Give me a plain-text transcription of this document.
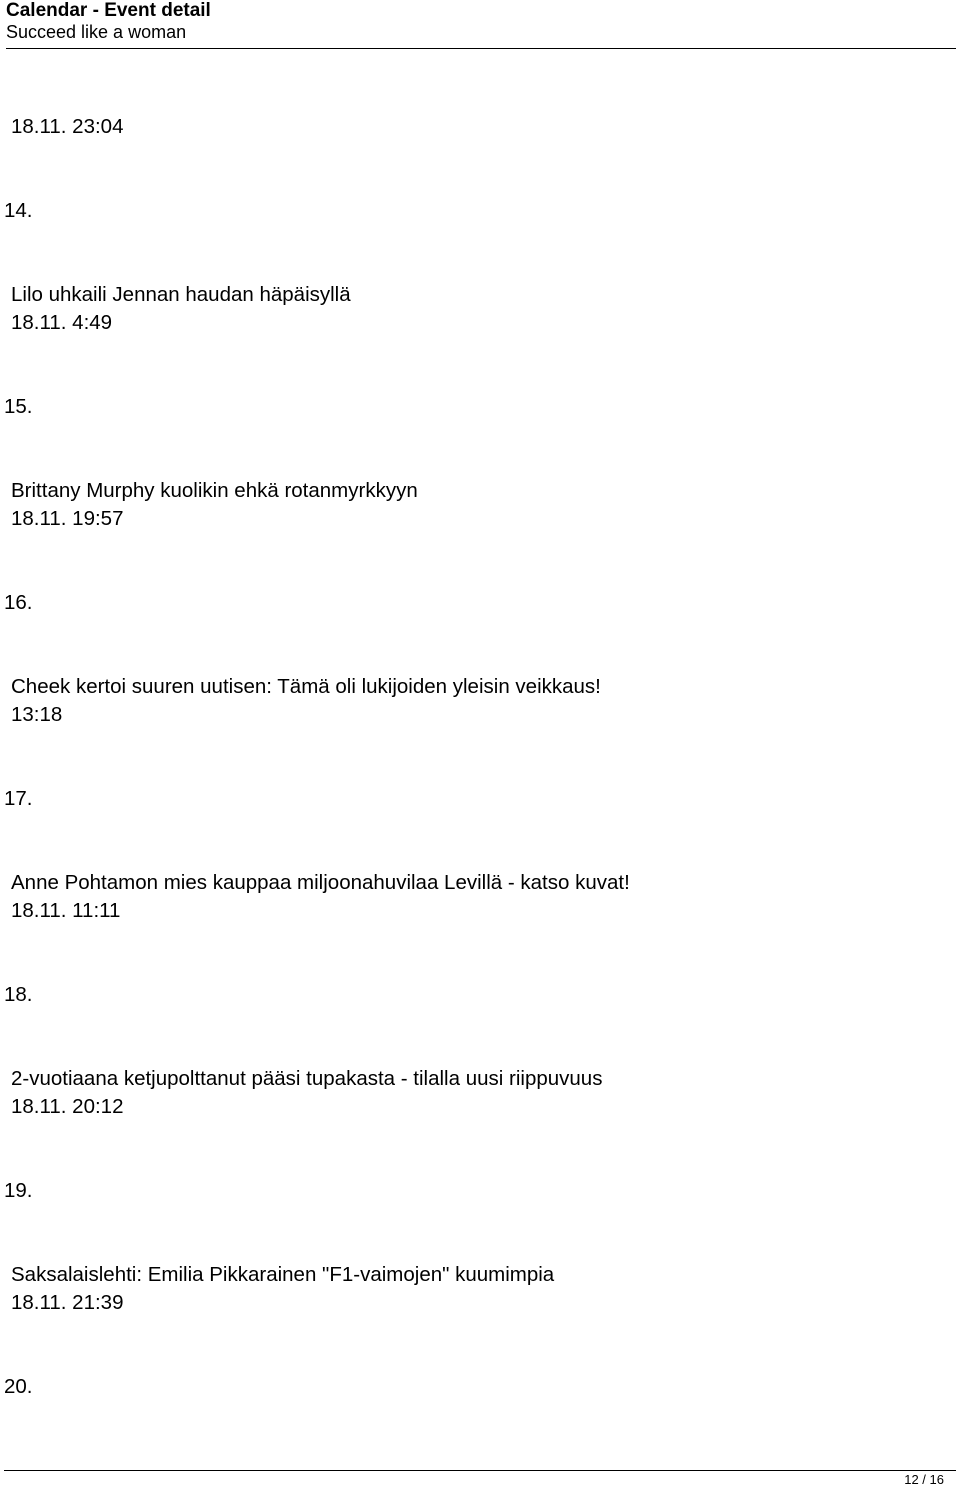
Calendar - Event detail
Succeed like a woman
18.11. 23:04
14.
Lilo uhkaili Jennan haudan häpäisyllä
18.11. 4:49
15.
Brittany Murphy kuolikin ehkä rotanmyrkkyyn
18.11. 19:57
16.
Cheek kertoi suuren uutisen: Tämä oli lukijoiden yleisin veikkaus!
13:18
17.
Anne Pohtamon mies kauppaa miljoonahuvilaa Levillä - katso kuvat!
18.11. 11:11
18.
2-vuotiaana ketjupolttanut pääsi tupakasta - tilalla uusi riippuvuus
18.11. 20:12
19.
Saksalaislehti: Emilia Pikkarainen "F1-vaimojen" kuumimpia
18.11. 21:39
20.
12 / 16
